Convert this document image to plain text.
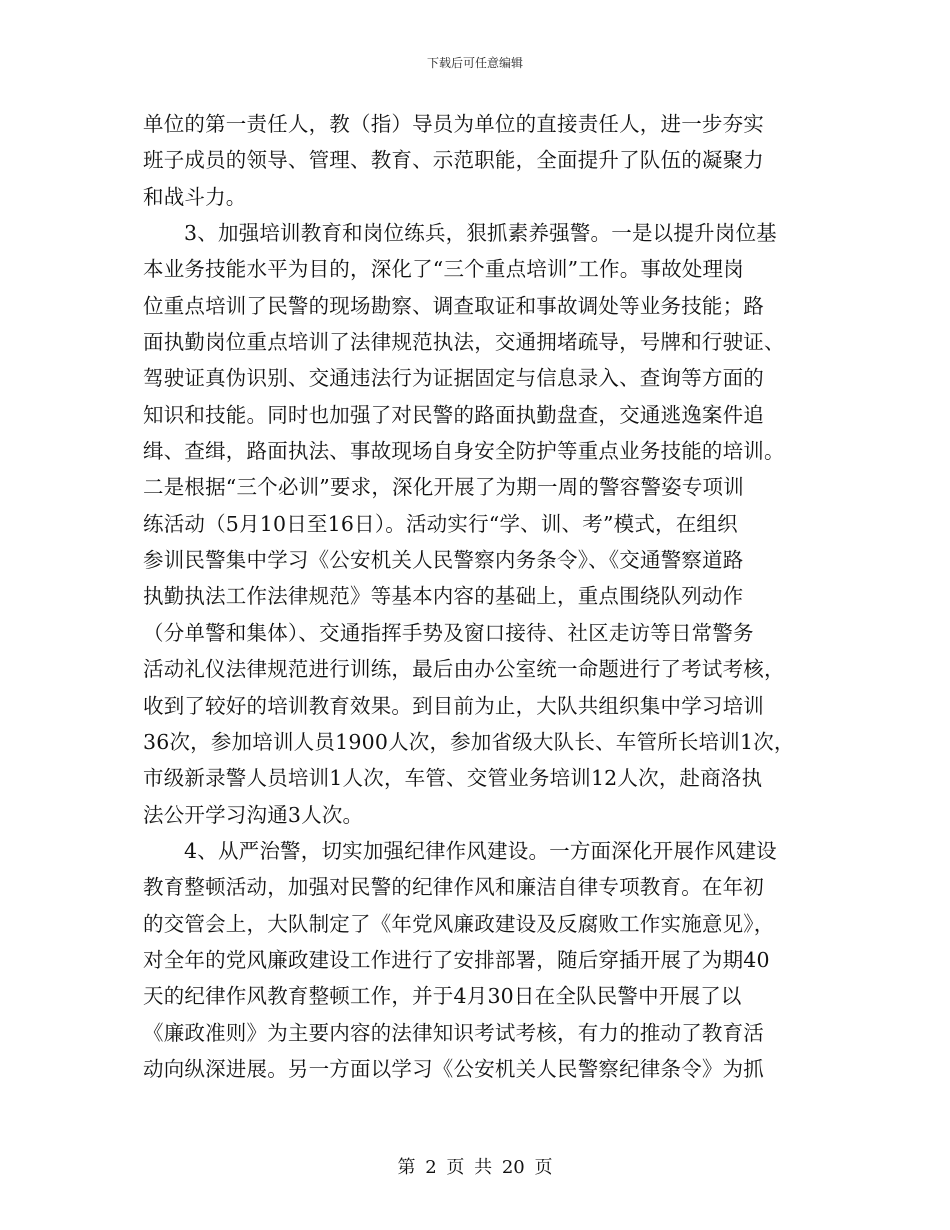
下载后可任意编辑
单位的第一责任人，教（指）导员为单位的直接责任人，进一步夯实
班子成员的领导、管理、教育、示范职能，全面提升了队伍的凝聚力
和战斗力。
3、加强培训教育和岗位练兵，狠抓素养强警。一是以提升岗位基
本业务技能水平为目的，深化了“三个重点培训”工作。事故处理岗
位重点培训了民警的现场勘察、调查取证和事故调处等业务技能；路
面执勤岗位重点培训了法律规范执法，交通拥堵疏导，号牌和行驶证、
驾驶证真伪识别、交通违法行为证据固定与信息录入、查询等方面的
知识和技能。同时也加强了对民警的路面执勤盘查，交通逃逸案件追
缉、查缉，路面执法、事故现场自身安全防护等重点业务技能的培训。
二是根据“三个必训”要求，深化开展了为期一周的警容警姿专项训
练活动（5月10日至16日）。活动实行“学、训、考”模式，在组织
参训民警集中学习《公安机关人民警察内务条令》、《交通警察道路
执勤执法工作法律规范》等基本内容的基础上，重点围绕队列动作
（分单警和集体）、交通指挥手势及窗口接待、社区走访等日常警务
活动礼仪法律规范进行训练，最后由办公室统一命题进行了考试考核，
收到了较好的培训教育效果。到目前为止，大队共组织集中学习培训
36次，参加培训人员1900人次，参加省级大队长、车管所长培训1次，
市级新录警人员培训1人次，车管、交管业务培训12人次，赴商洛执
法公开学习沟通3人次。
4、从严治警，切实加强纪律作风建设。一方面深化开展作风建设
教育整顿活动，加强对民警的纪律作风和廉洁自律专项教育。在年初
的交管会上，大队制定了《年党风廉政建设及反腐败工作实施意见》，
对全年的党风廉政建设工作进行了安排部署，随后穿插开展了为期40
天的纪律作风教育整顿工作，并于4月30日在全队民警中开展了以
《廉政准则》为主要内容的法律知识考试考核，有力的推动了教育活
动向纵深进展。另一方面以学习《公安机关人民警察纪律条令》为抓
第 2 页 共 20 页
